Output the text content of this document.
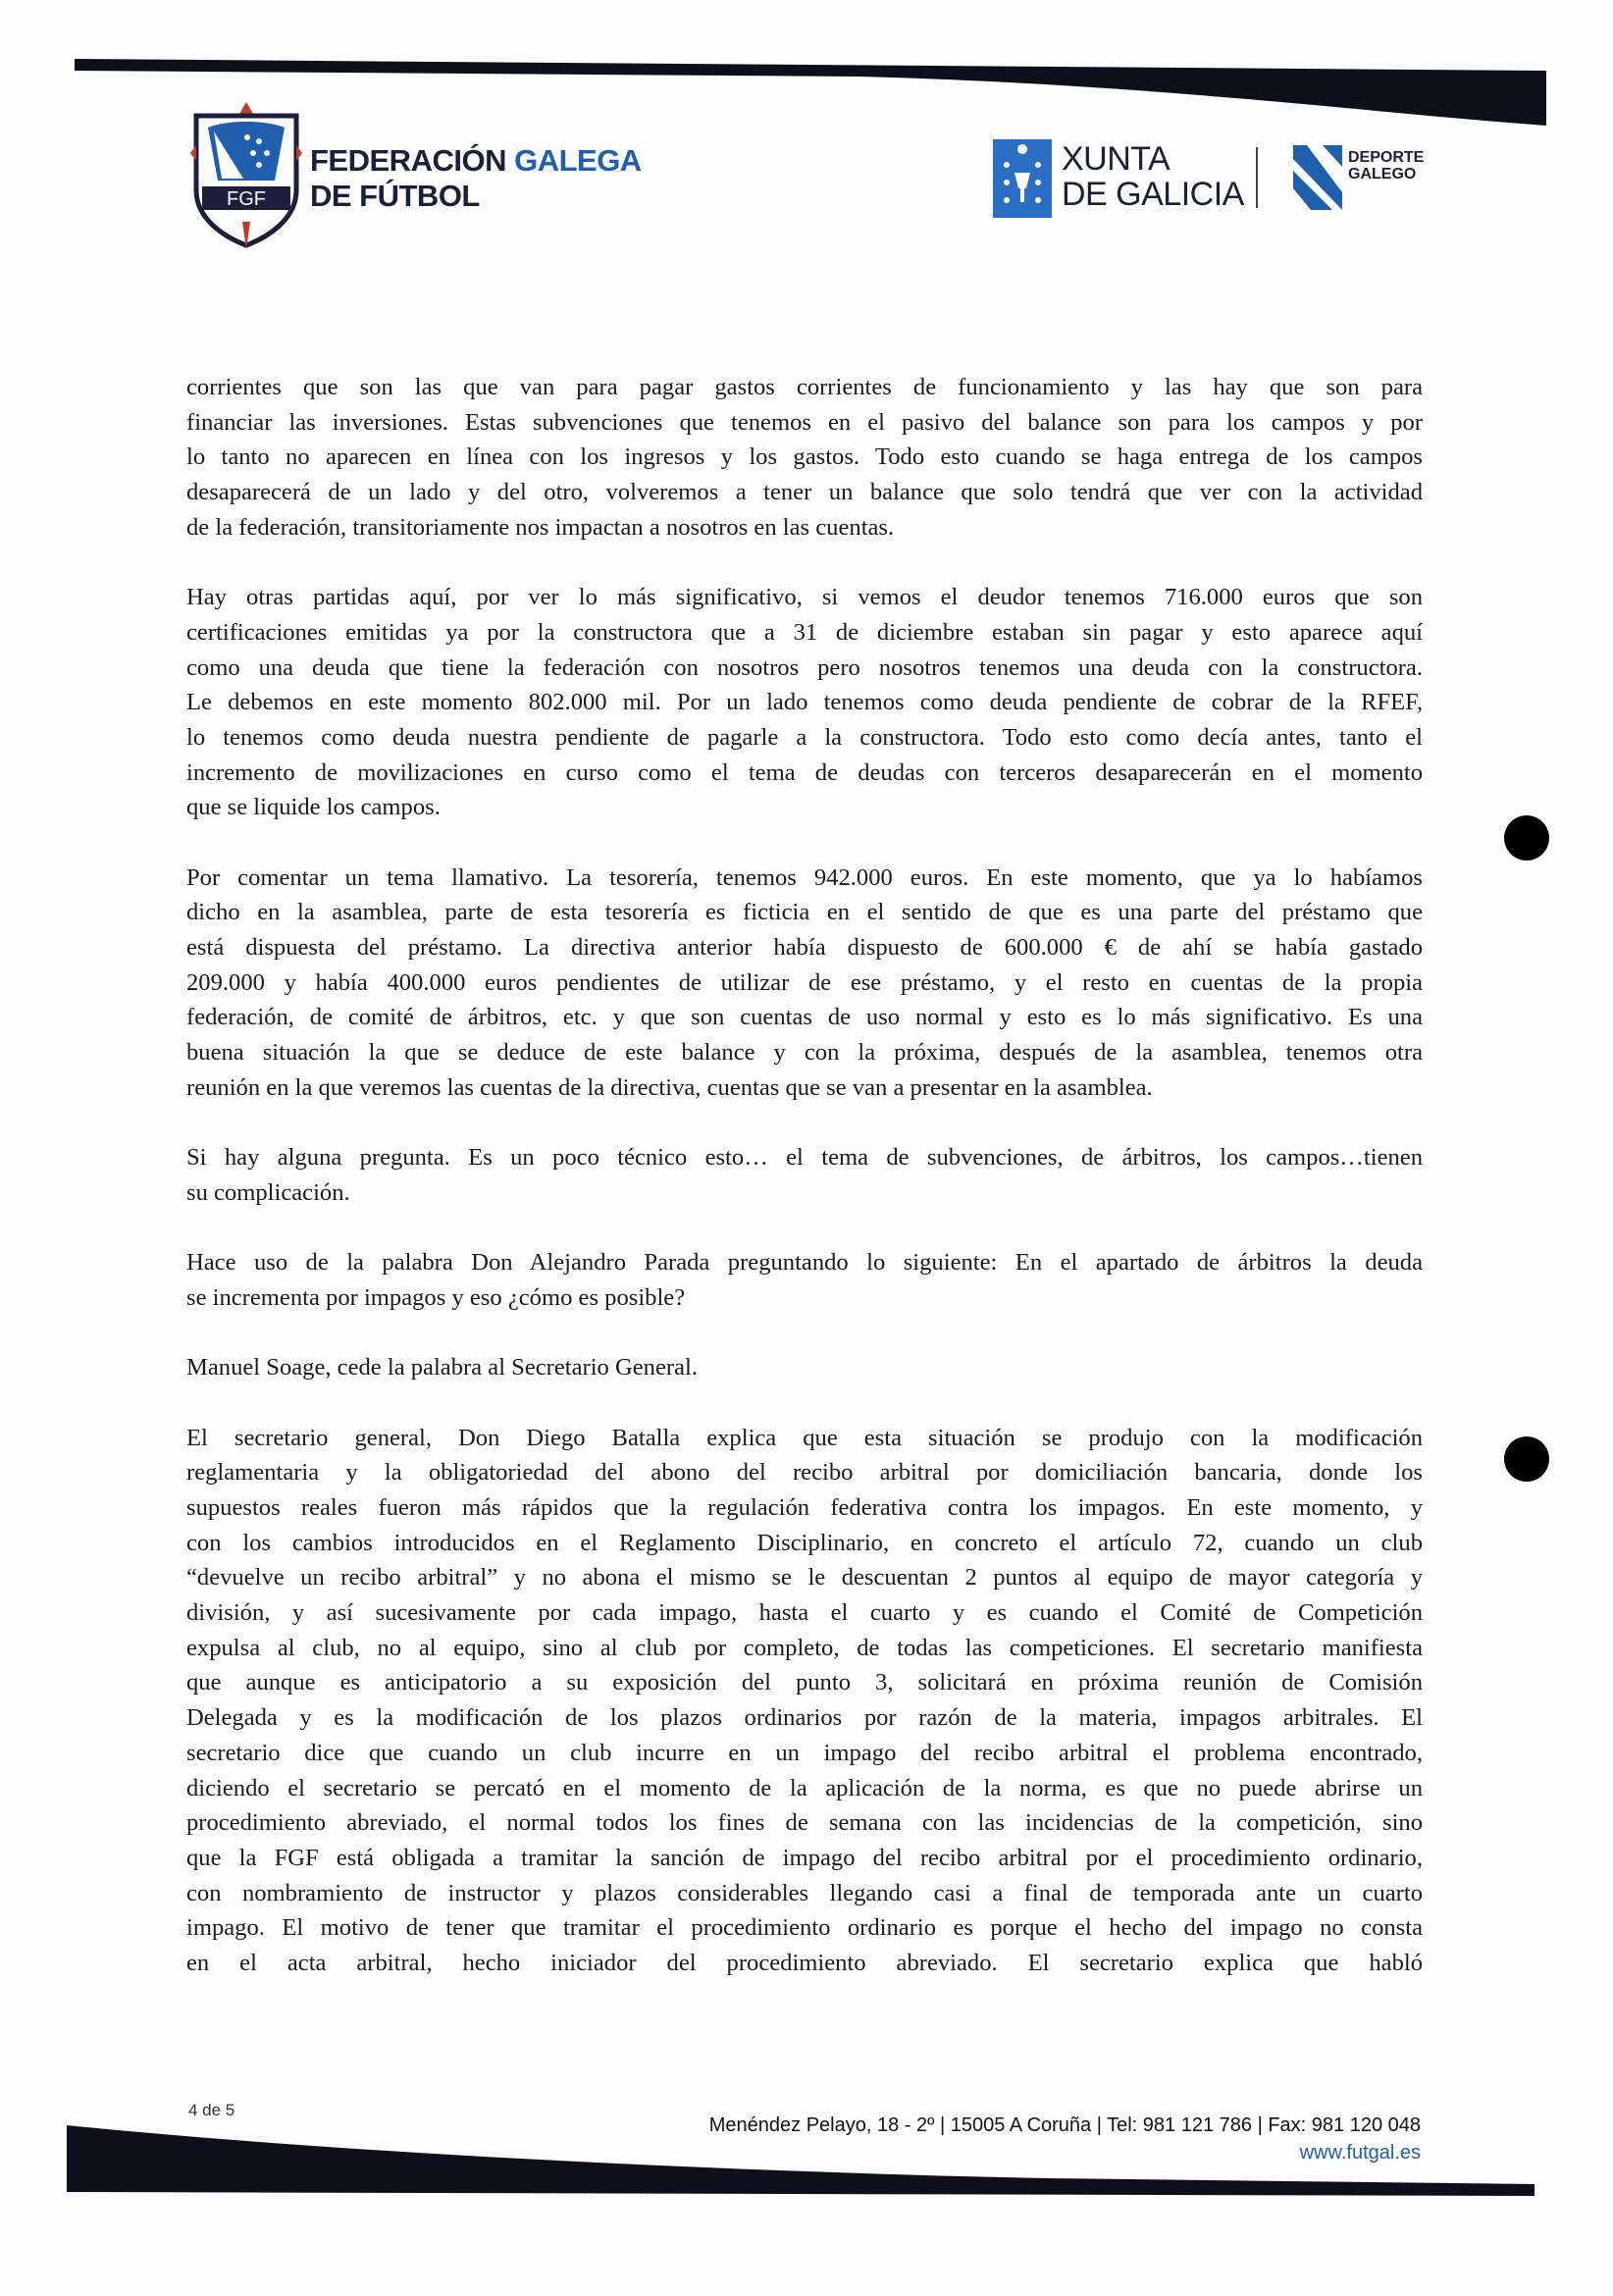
FGF
FEDERACIÓN GALEGA
DE FÚTBOL
XUNTA
DE GALICIA
DEPORTE
GALEGO
corrientes que son las que van para pagar gastos corrientes de funcionamiento y las hay que son para
financiar las inversiones. Estas subvenciones que tenemos en el pasivo del balance son para los campos y por
lo tanto no aparecen en línea con los ingresos y los gastos. Todo esto cuando se haga entrega de los campos
desaparecerá de un lado y del otro, volveremos a tener un balance que solo tendrá que ver con la actividad
de la federación, transitoriamente nos impactan a nosotros en las cuentas.
Hay otras partidas aquí, por ver lo más significativo, si vemos el deudor tenemos 716.000 euros que son
certificaciones emitidas ya por la constructora que a 31 de diciembre estaban sin pagar y esto aparece aquí
como una deuda que tiene la federación con nosotros pero nosotros tenemos una deuda con la constructora.
Le debemos en este momento 802.000 mil. Por un lado tenemos como deuda pendiente de cobrar de la RFEF,
lo tenemos como deuda nuestra pendiente de pagarle a la constructora. Todo esto como decía antes, tanto el
incremento de movilizaciones en curso como el tema de deudas con terceros desaparecerán en el momento
que se liquide los campos.
Por comentar un tema llamativo. La tesorería, tenemos 942.000 euros. En este momento, que ya lo habíamos
dicho en la asamblea, parte de esta tesorería es ficticia en el sentido de que es una parte del préstamo que
está dispuesta del préstamo. La directiva anterior había dispuesto de 600.000 € de ahí se había gastado
209.000 y había 400.000 euros pendientes de utilizar de ese préstamo, y el resto en cuentas de la propia
federación, de comité de árbitros, etc. y que son cuentas de uso normal y esto es lo más significativo. Es una
buena situación la que se deduce de este balance y con la próxima, después de la asamblea, tenemos otra
reunión en la que veremos las cuentas de la directiva, cuentas que se van a presentar en la asamblea.
Si hay alguna pregunta. Es un poco técnico esto… el tema de subvenciones, de árbitros, los campos…tienen
su complicación.
Hace uso de la palabra Don Alejandro Parada preguntando lo siguiente: En el apartado de árbitros la deuda
se incrementa por impagos y eso ¿cómo es posible?
Manuel Soage, cede la palabra al Secretario General.
El secretario general, Don Diego Batalla explica que esta situación se produjo con la modificación
reglamentaria y la obligatoriedad del abono del recibo arbitral por domiciliación bancaria, donde los
supuestos reales fueron más rápidos que la regulación federativa contra los impagos. En este momento, y
con los cambios introducidos en el Reglamento Disciplinario, en concreto el artículo 72, cuando un club
“devuelve un recibo arbitral” y no abona el mismo se le descuentan 2 puntos al equipo de mayor categoría y
división, y así sucesivamente por cada impago, hasta el cuarto y es cuando el Comité de Competición
expulsa al club, no al equipo, sino al club por completo, de todas las competiciones. El secretario manifiesta
que aunque es anticipatorio a su exposición del punto 3, solicitará en próxima reunión de Comisión
Delegada y es la modificación de los plazos ordinarios por razón de la materia, impagos arbitrales. El
secretario dice que cuando un club incurre en un impago del recibo arbitral el problema encontrado,
diciendo el secretario se percató en el momento de la aplicación de la norma, es que no puede abrirse un
procedimiento abreviado, el normal todos los fines de semana con las incidencias de la competición, sino
que la FGF está obligada a tramitar la sanción de impago del recibo arbitral por el procedimiento ordinario,
con nombramiento de instructor y plazos considerables llegando casi a final de temporada ante un cuarto
impago. El motivo de tener que tramitar el procedimiento ordinario es porque el hecho del impago no consta
en el acta arbitral, hecho iniciador del procedimiento abreviado. El secretario explica que habló
4 de 5
Menéndez Pelayo, 18 - 2º | 15005 A Coruña | Tel: 981 121 786 | Fax: 981 120 048
www.futgal.es
